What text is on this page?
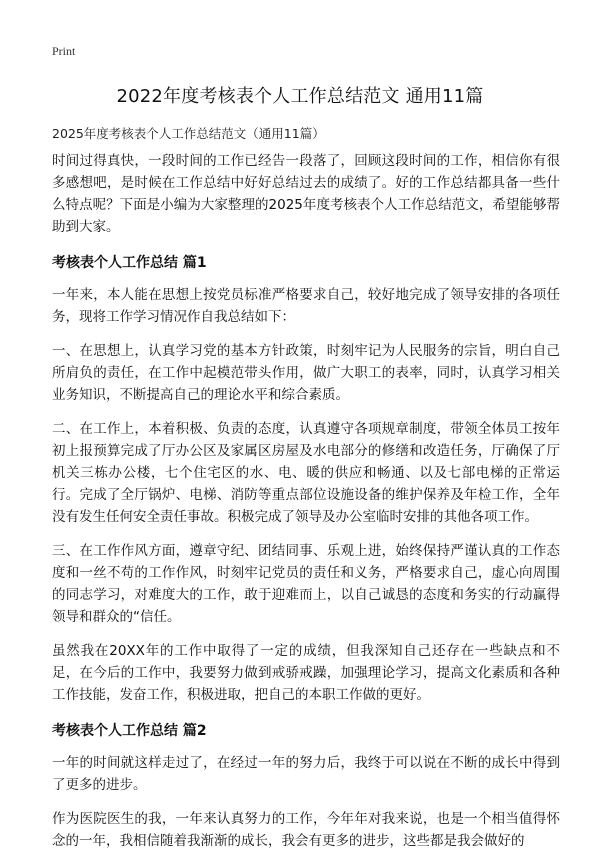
Print
2022年度考核表个人工作总结范文 通用11篇

2025年度考核表个人工作总结范文（通用11篇）

时间过得真快，一段时间的工作已经告一段落了，回顾这段时间的工作，相信你有很多感想吧，是时候在工作总结中好好总结过去的成绩了。好的工作总结都具备一些什么特点呢？下面是小编为大家整理的2025年度考核表个人工作总结范文，希望能够帮助到大家。

考核表个人工作总结 篇1

一年来，本人能在思想上按党员标准严格要求自己，较好地完成了领导安排的各项任务，现将工作学习情况作自我总结如下：

一、在思想上，认真学习党的基本方针政策，时刻牢记为人民服务的宗旨，明白自己所肩负的责任，在工作中起模范带头作用，做广大职工的表率，同时，认真学习相关业务知识，不断提高自己的理论水平和综合素质。

二、在工作上，本着积极、负责的态度，认真遵守各项规章制度，带领全体员工按年初上报预算完成了厅办公区及家属区房屋及水电部分的修缮和改造任务，厅确保了厅机关三栋办公楼，七个住宅区的水、电、暖的供应和畅通、以及七部电梯的正常运行。完成了全厅锅炉、电梯、消防等重点部位设施设备的维护保养及年检工作，全年没有发生任何安全责任事故。积极完成了领导及办公室临时安排的其他各项工作。

三、在工作作风方面，遵章守纪、团结同事、乐观上进，始终保持严谨认真的工作态度和一丝不苟的工作作风，时刻牢记党员的责任和义务，严格要求自己，虚心向周围的同志学习，对难度大的工作，敢于迎难而上，以自己诚恳的态度和务实的行动赢得领导和群众的“信任。

虽然我在20XX年的工作中取得了一定的成绩，但我深知自己还存在一些缺点和不足，在今后的工作中，我要努力做到戒骄戒躁，加强理论学习，提高文化素质和各种工作技能，发奋工作，积极进取，把自己的本职工作做的更好。

考核表个人工作总结 篇2

一年的时间就这样走过了，在经过一年的努力后，我终于可以说在不断的成长中得到了更多的进步。

作为医院医生的我，一年来认真努力的工作，今年年对我来说，也是一个相当值得怀念的一年，我相信随着我渐渐的成长，我会有更多的进步，这些都是我会做好的
